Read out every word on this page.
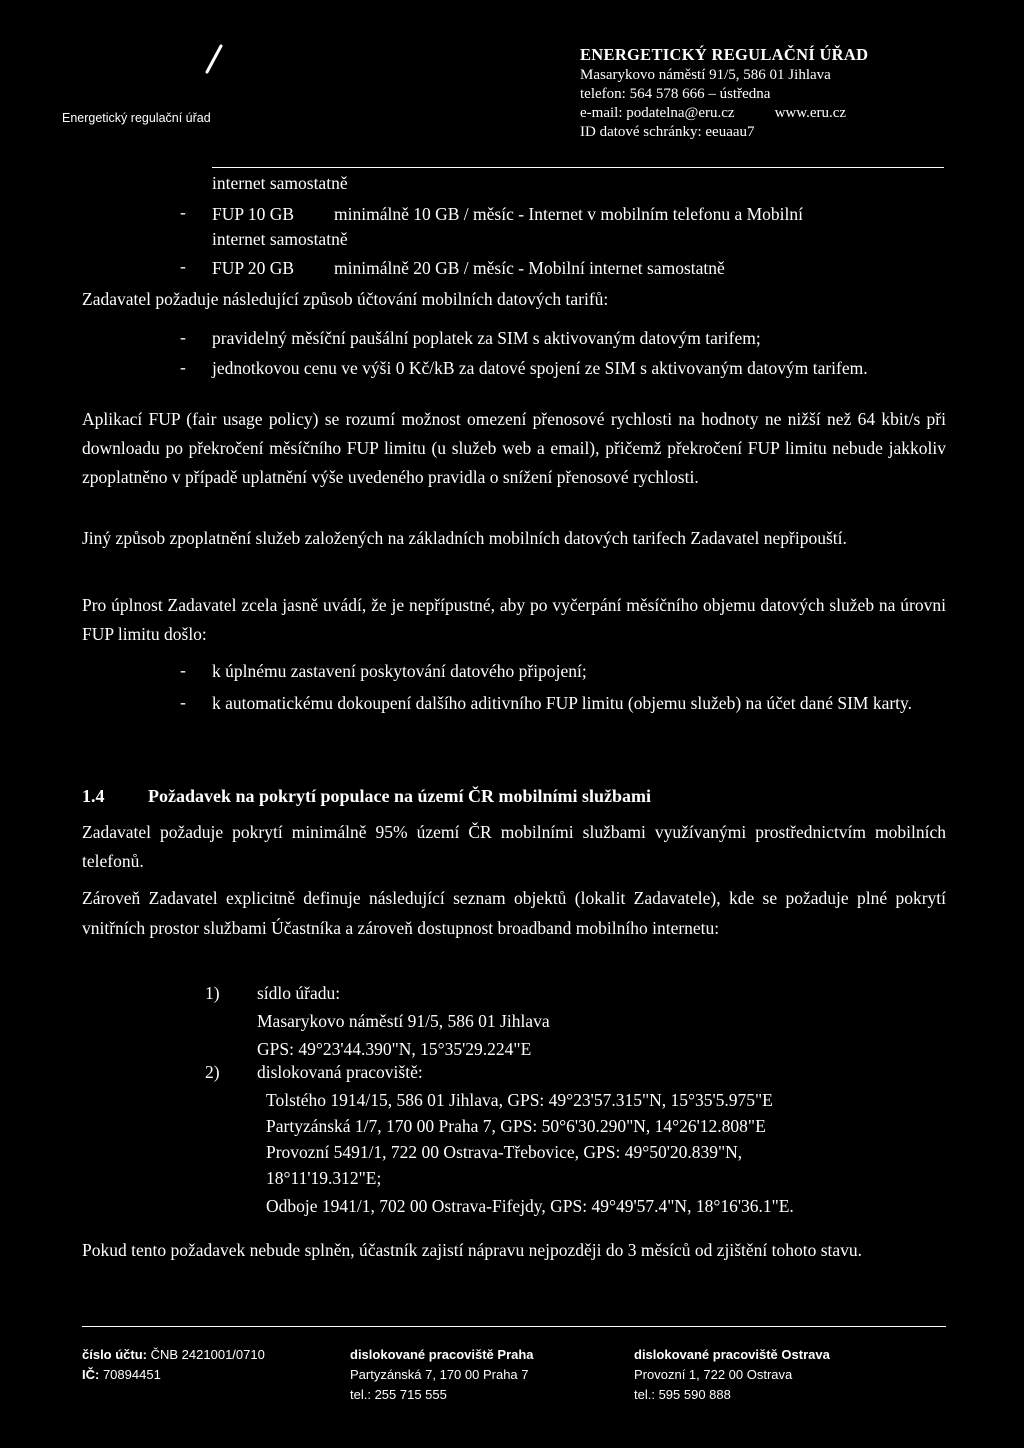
Energetický regulační úřad
ENERGETICKÝ REGULAČNÍ ÚŘAD
Masarykovo náměstí 91/5, 586 01 Jihlava
telefon: 564 578 666 – ústředna
e-mail: podatelna@eru.cz	www.eru.cz
ID datové schránky: eeuaau7
internet samostatně
- FUP 10 GB minimálně 10 GB / měsíc - Internet v mobilním telefonu a Mobilní
internet samostatně
- FUP 20 GB minimálně 20 GB / měsíc - Mobilní internet samostatně
Zadavatel požaduje následující způsob účtování mobilních datových tarifů:
- pravidelný měsíční paušální poplatek za SIM s aktivovaným datovým tarifem;
- jednotkovou cenu ve výši 0 Kč/kB za datové spojení ze SIM s aktivovaným datovým tarifem.
Aplikací FUP (fair usage policy) se rozumí možnost omezení přenosové rychlosti na hodnoty ne nižší než 64 kbit/s při downloadu po překročení měsíčního FUP limitu (u služeb web a email), přičemž překročení FUP limitu nebude jakkoliv zpoplatněno v případě uplatnění výše uvedeného pravidla o snížení přenosové rychlosti.
Jiný způsob zpoplatnění služeb založených na základních mobilních datových tarifech Zadavatel nepřipouští.
Pro úplnost Zadavatel zcela jasně uvádí, že je nepřípustné, aby po vyčerpání měsíčního objemu datových služeb na úrovni FUP limitu došlo:
- k úplnému zastavení poskytování datového připojení;
- k automatickému dokoupení dalšího aditivního FUP limitu (objemu služeb) na účet dané SIM karty.
1.4 Požadavek na pokrytí populace na území ČR mobilními službami
Zadavatel požaduje pokrytí minimálně 95% území ČR mobilními službami využívanými prostřednictvím mobilních telefonů.
Zároveň Zadavatel explicitně definuje následující seznam objektů (lokalit Zadavatele), kde se požaduje plné pokrytí vnitřních prostor službami Účastníka a zároveň dostupnost broadband mobilního internetu:
1) sídlo úřadu:
Masarykovo náměstí 91/5, 586 01 Jihlava
GPS: 49°23'44.390"N, 15°35'29.224"E
2) dislokovaná pracoviště:
Tolstého 1914/15, 586 01 Jihlava, GPS: 49°23'57.315"N, 15°35'5.975"E
Partyzánská 1/7, 170 00 Praha 7, GPS: 50°6'30.290"N, 14°26'12.808"E
Provozní 5491/1, 722 00 Ostrava-Třebovice, GPS: 49°50'20.839"N,
18°11'19.312"E;
Odboje 1941/1, 702 00 Ostrava-Fifejdy, GPS: 49°49'57.4"N, 18°16'36.1"E.
Pokud tento požadavek nebude splněn, účastník zajistí nápravu nejpozději do 3 měsíců od zjištění tohoto stavu.
číslo účtu: ČNB 2421001/0710
IČ: 70894451
dislokované pracoviště Praha
Partyzánská 7, 170 00 Praha 7
tel.: 255 715 555
dislokované pracoviště Ostrava
Provozní 1, 722 00 Ostrava
tel.: 595 590 888
